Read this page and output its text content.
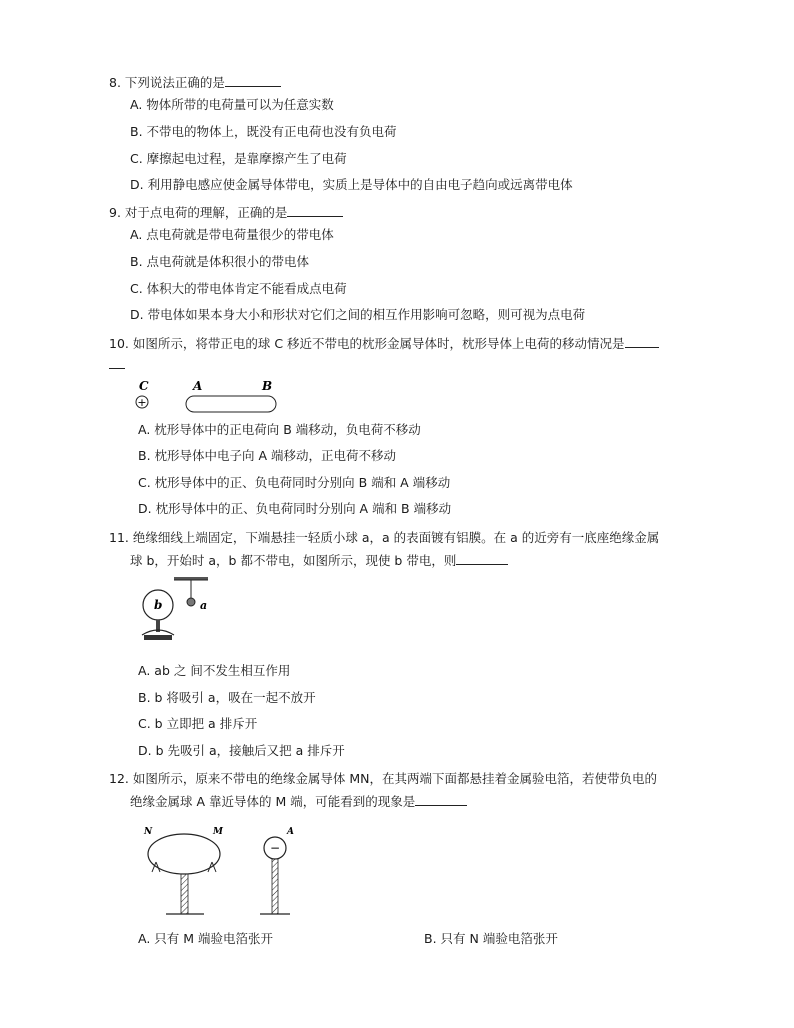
8. 下列说法正确的是
A. 物体所带的电荷量可以为任意实数
B. 不带电的物体上，既没有正电荷也没有负电荷
C. 摩擦起电过程，是靠摩擦产生了电荷
D. 利用静电感应使金属导体带电，实质上是导体中的自由电子趋向或远离带电体
9. 对于点电荷的理解，正确的是
A. 点电荷就是带电荷量很少的带电体
B. 点电荷就是体积很小的带电体
C. 体积大的带电体肯定不能看成点电荷
D. 带电体如果本身大小和形状对它们之间的相互作用影响可忽略，则可视为点电荷
10. 如图所示，将带正电的球 C 移近不带电的枕形金属导体时，枕形导体上电荷的移动情况是
C
+
A	B
A. 枕形导体中的正电荷向 B 端移动，负电荷不移动
B. 枕形导体中电子向 A 端移动，正电荷不移动
C. 枕形导体中的正、负电荷同时分别向 B 端和 A 端移动
D. 枕形导体中的正、负电荷同时分别向 A 端和 B 端移动
11. 绝缘细线上端固定，下端悬挂一轻质小球 a，a 的表面镀有铝膜。在 a 的近旁有一底座绝缘金属
球 b，开始时 a，b 都不带电，如图所示，现使 b 带电，则
a
b
A. ab 之 间不发生相互作用
B. b 将吸引 a，吸在一起不放开
C. b 立即把 a 排斥开
D. b 先吸引 a，接触后又把 a 排斥开
12. 如图所示，原来不带电的绝缘金属导体 MN，在其两端下面都悬挂着金属验电箔，若使带负电的
绝缘金属球 A 靠近导体的 M 端，可能看到的现象是
N	M	A
−
A. 只有 M 端验电箔张开	B. 只有 N 端验电箔张开
